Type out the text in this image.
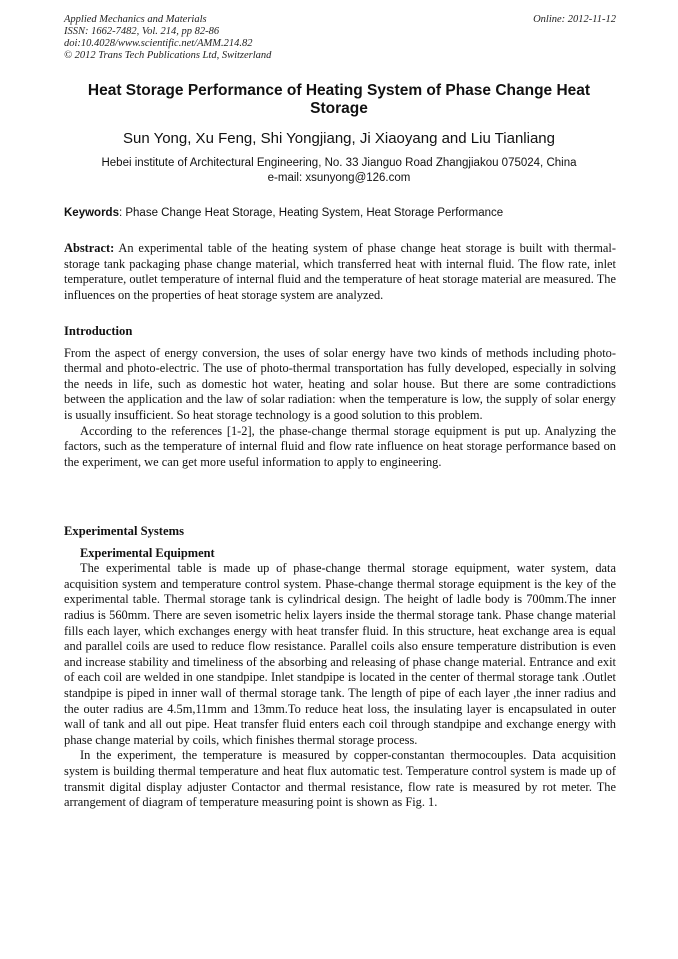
Applied Mechanics and Materials
ISSN: 1662-7482, Vol. 214, pp 82-86
doi:10.4028/www.scientific.net/AMM.214.82
© 2012 Trans Tech Publications Ltd, Switzerland
Online: 2012-11-12
Heat Storage Performance of Heating System of Phase Change Heat Storage
Sun Yong, Xu Feng, Shi Yongjiang, Ji Xiaoyang and Liu Tianliang
Hebei institute of Architectural Engineering, No. 33 Jianguo Road Zhangjiakou 075024, China
e-mail: xsunyong@126.com
Keywords: Phase Change Heat Storage, Heating System, Heat Storage Performance
Abstract: An experimental table of the heating system of phase change heat storage is built with thermal-storage tank packaging phase change material, which transferred heat with internal fluid. The flow rate, inlet temperature, outlet temperature of internal fluid and the temperature of heat storage material are measured. The influences on the properties of heat storage system are analyzed.
Introduction

From the aspect of energy conversion, the uses of solar energy have two kinds of methods including photo-thermal and photo-electric. The use of photo-thermal transportation has fully developed, especially in solving the needs in life, such as domestic hot water, heating and solar house. But there are some contradictions between the application and the law of solar radiation: when the temperature is low, the supply of solar energy is usually insufficient. So heat storage technology is a good solution to this problem.

According to the references [1-2], the phase-change thermal storage equipment is put up. Analyzing the factors, such as the temperature of internal fluid and flow rate influence on heat storage performance based on the experiment, we can get more useful information to apply to engineering.

Experimental Systems
Experimental Equipment

The experimental table is made up of phase-change thermal storage equipment, water system, data acquisition system and temperature control system. Phase-change thermal storage equipment is the key of the experimental table. Thermal storage tank is cylindrical design. The height of ladle body is 700mm.The inner radius is 560mm. There are seven isometric helix layers inside the thermal storage tank. Phase change material fills each layer, which exchanges energy with heat transfer fluid. In this structure, heat exchange area is equal and parallel coils are used to reduce flow resistance. Parallel coils also ensure temperature distribution is even and increase stability and timeliness of the absorbing and releasing of phase change material. Entrance and exit of each coil are welded in one standpipe. Inlet standpipe is located in the center of thermal storage tank .Outlet standpipe is piped in inner wall of thermal storage tank. The length of pipe of each layer ,the inner radius and the outer radius are 4.5m,11mm and 13mm.To reduce heat loss, the insulating layer is encapsulated in outer wall of tank and all out pipe. Heat transfer fluid enters each coil through standpipe and exchange energy with phase change material by coils, which finishes thermal storage process.

In the experiment, the temperature is measured by copper-constantan thermocouples. Data acquisition system is building thermal temperature and heat flux automatic test. Temperature control system is made up of transmit digital display adjuster Contactor and thermal resistance, flow rate is measured by rot meter. The arrangement of diagram of temperature measuring point is shown as Fig. 1.
